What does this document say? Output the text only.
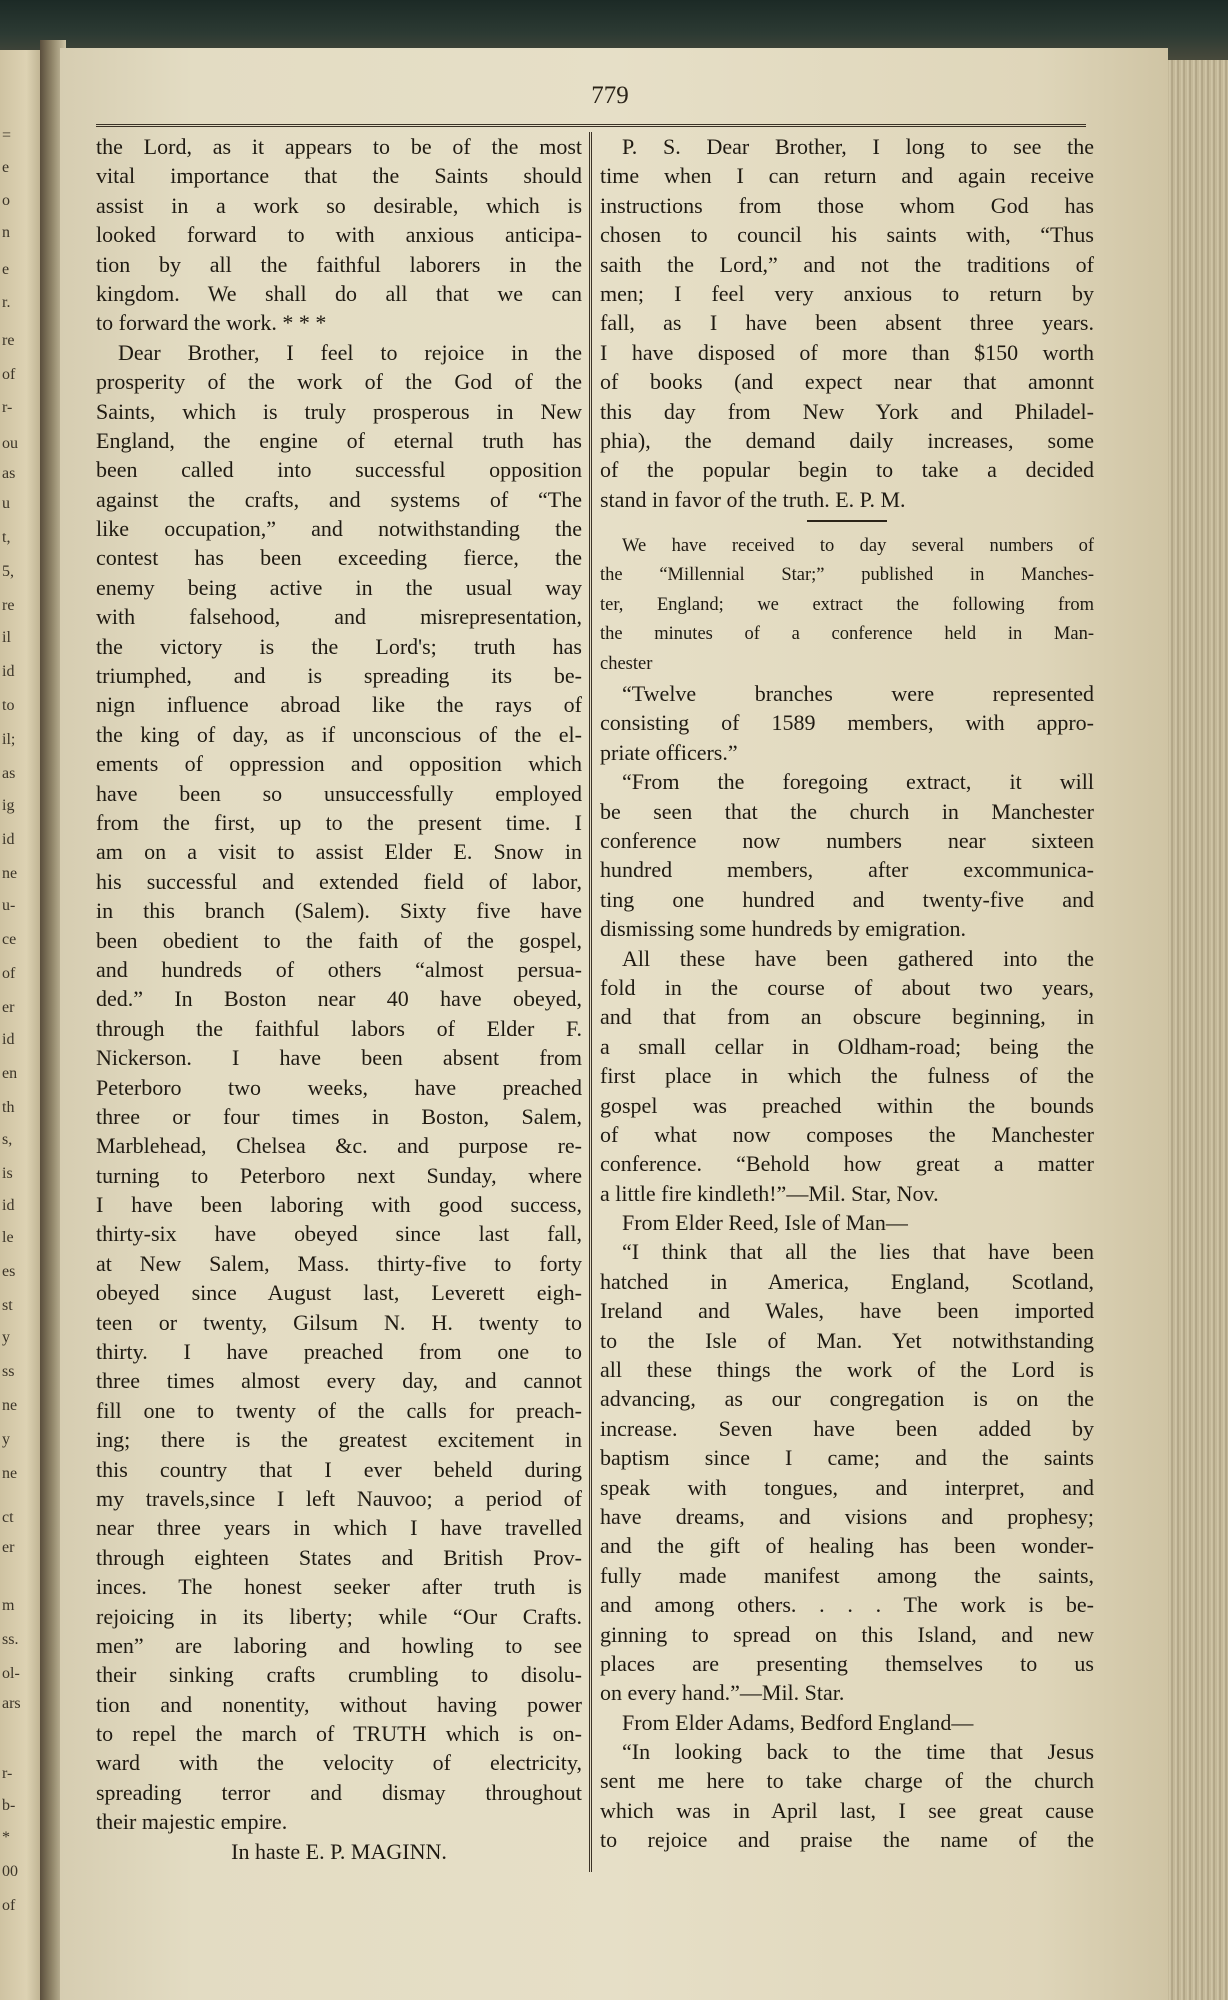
=
e
o
n
e
r.
re
of
r-
ou
as
u
t,
5,
re
il
id
to
il;
as
ig
id
ne
u-
ce
of
er
id
en
th
s,
is
id
le
es
st
y
ss
ne
y
ne
ct
er
m
ss.
ol-
ars
r-
b-
*
00
of
779
the Lord, as it appears to be of the most
vital importance that the Saints should
assist in a work so desirable, which is
looked forward to with anxious anticipa-
tion by all the faithful laborers in the
kingdom. We shall do all that we can
to forward the work. * * *
Dear Brother, I feel to rejoice in the
prosperity of the work of the God of the
Saints, which is truly prosperous in New
England, the engine of eternal truth has
been called into successful opposition
against the crafts, and systems of “The
like occupation,” and notwithstanding the
contest has been exceeding fierce, the
enemy being active in the usual way
with falsehood, and misrepresentation,
the victory is the Lord's; truth has
triumphed, and is spreading its be-
nign influence abroad like the rays of
the king of day, as if unconscious of the el-
ements of oppression and opposition which
have been so unsuccessfully employed
from the first, up to the present time. I
am on a visit to assist Elder E. Snow in
his successful and extended field of labor,
in this branch (Salem). Sixty five have
been obedient to the faith of the gospel,
and hundreds of others “almost persua-
ded.” In Boston near 40 have obeyed,
through the faithful labors of Elder F.
Nickerson. I have been absent from
Peterboro two weeks, have preached
three or four times in Boston, Salem,
Marblehead, Chelsea &c. and purpose re-
turning to Peterboro next Sunday, where
I have been laboring with good success,
thirty-six have obeyed since last fall,
at New Salem, Mass. thirty-five to forty
obeyed since August last, Leverett eigh-
teen or twenty, Gilsum N. H. twenty to
thirty. I have preached from one to
three times almost every day, and cannot
fill one to twenty of the calls for preach-
ing; there is the greatest excitement in
this country that I ever beheld during
my travels,since I left Nauvoo; a period of
near three years in which I have travelled
through eighteen States and British Prov-
inces. The honest seeker after truth is
rejoicing in its liberty; while “Our Crafts.
men” are laboring and howling to see
their sinking crafts crumbling to disolu-
tion and nonentity, without having power
to repel the march of TRUTH which is on-
ward with the velocity of electricity,
spreading terror and dismay throughout
their majestic empire.
In haste E. P. MAGINN.
P. S. Dear Brother, I long to see the
time when I can return and again receive
instructions from those whom God has
chosen to council his saints with, “Thus
saith the Lord,” and not the traditions of
men; I feel very anxious to return by
fall, as I have been absent three years.
I have disposed of more than $150 worth
of books (and expect near that amonnt
this day from New York and Philadel-
phia), the demand daily increases, some
of the popular begin to take a decided
stand in favor of the truth. E. P. M.
We have received to day several numbers of
the “Millennial Star;” published in Manches-
ter, England; we extract the following from
the minutes of a conference held in Man-
chester
“Twelve branches were represented
consisting of 1589 members, with appro-
priate officers.”
“From the foregoing extract, it will
be seen that the church in Manchester
conference now numbers near sixteen
hundred members, after excommunica-
ting one hundred and twenty-five and
dismissing some hundreds by emigration.
All these have been gathered into the
fold in the course of about two years,
and that from an obscure beginning, in
a small cellar in Oldham-road; being the
first place in which the fulness of the
gospel was preached within the bounds
of what now composes the Manchester
conference. “Behold how great a matter
a little fire kindleth!”—Mil. Star, Nov.
From Elder Reed, Isle of Man—
“I think that all the lies that have been
hatched in America, England, Scotland,
Ireland and Wales, have been imported
to the Isle of Man. Yet notwithstanding
all these things the work of the Lord is
advancing, as our congregation is on the
increase. Seven have been added by
baptism since I came; and the saints
speak with tongues, and interpret, and
have dreams, and visions and prophesy;
and the gift of healing has been wonder-
fully made manifest among the saints,
and among others. . . . The work is be-
ginning to spread on this Island, and new
places are presenting themselves to us
on every hand.”—Mil. Star.
From Elder Adams, Bedford England—
“In looking back to the time that Jesus
sent me here to take charge of the church
which was in April last, I see great cause
to rejoice and praise the name of the
